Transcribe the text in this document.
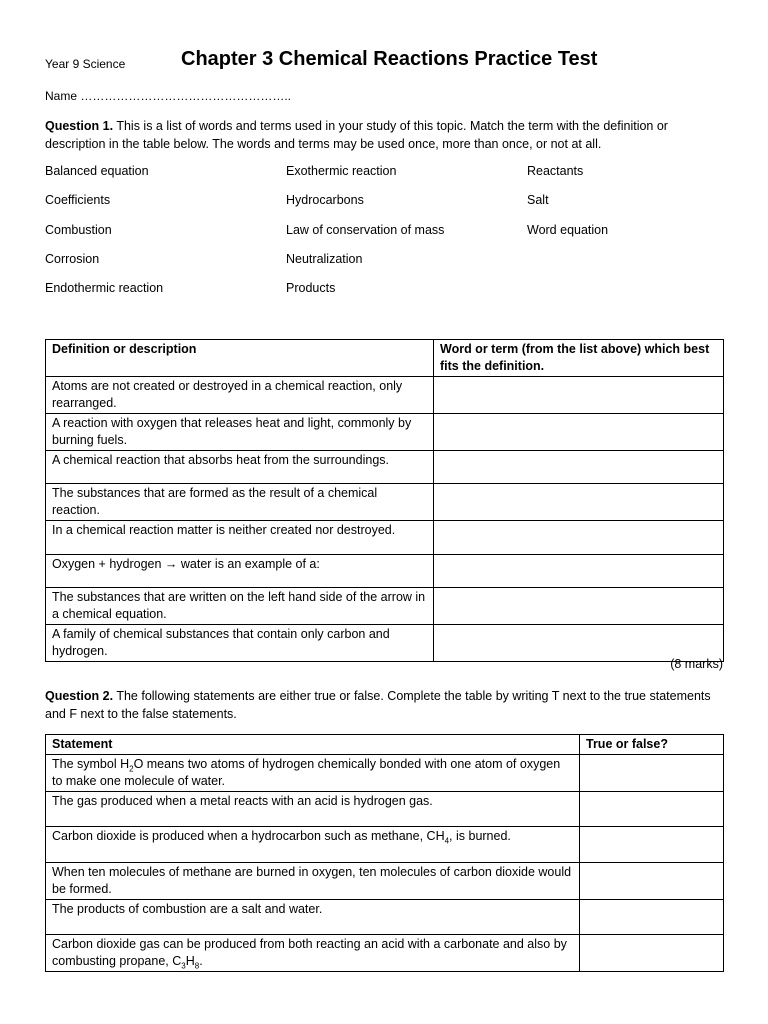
Year 9 Science	Chapter 3 Chemical Reactions Practice Test
Name ……………………………………………..
Question 1. This is a list of words and terms used in your study of this topic. Match the term with the definition or description in the table below. The words and terms may be used once, more than once, or not at all.
Balanced equation	Exothermic reaction	Reactants
Coefficients	Hydrocarbons	Salt
Combustion	Law of conservation of mass	Word equation
Corrosion	Neutralization
Endothermic reaction	Products
Definition or description	Word or term (from the list above) which best fits the definition.
Atoms are not created or destroyed in a chemical reaction, only rearranged.	
A reaction with oxygen that releases heat and light, commonly by burning fuels.	
A chemical reaction that absorbs heat from the surroundings.	
The substances that are formed as the result of a chemical reaction.	
In a chemical reaction matter is neither created nor destroyed.	
Oxygen + hydrogen → water is an example of a:	
The substances that are written on the left hand side of the arrow in a chemical equation.	
A family of chemical substances that contain only carbon and hydrogen.	
(8 marks)
Question 2. The following statements are either true or false. Complete the table by writing T next to the true statements and F next to the false statements.
Statement	True or false?
The symbol $H_2O$ means two atoms of hydrogen chemically bonded with one atom of oxygen to make one molecule of water.	
The gas produced when a metal reacts with an acid is hydrogen gas.	
Carbon dioxide is produced when a hydrocarbon such as methane, $CH_4$, is burned.	
When ten molecules of methane are burned in oxygen, ten molecules of carbon dioxide would be formed.	
The products of combustion are a salt and water.	
Carbon dioxide gas can be produced from both reacting an acid with a carbonate and also by combusting propane, $C_3H_8$.	
